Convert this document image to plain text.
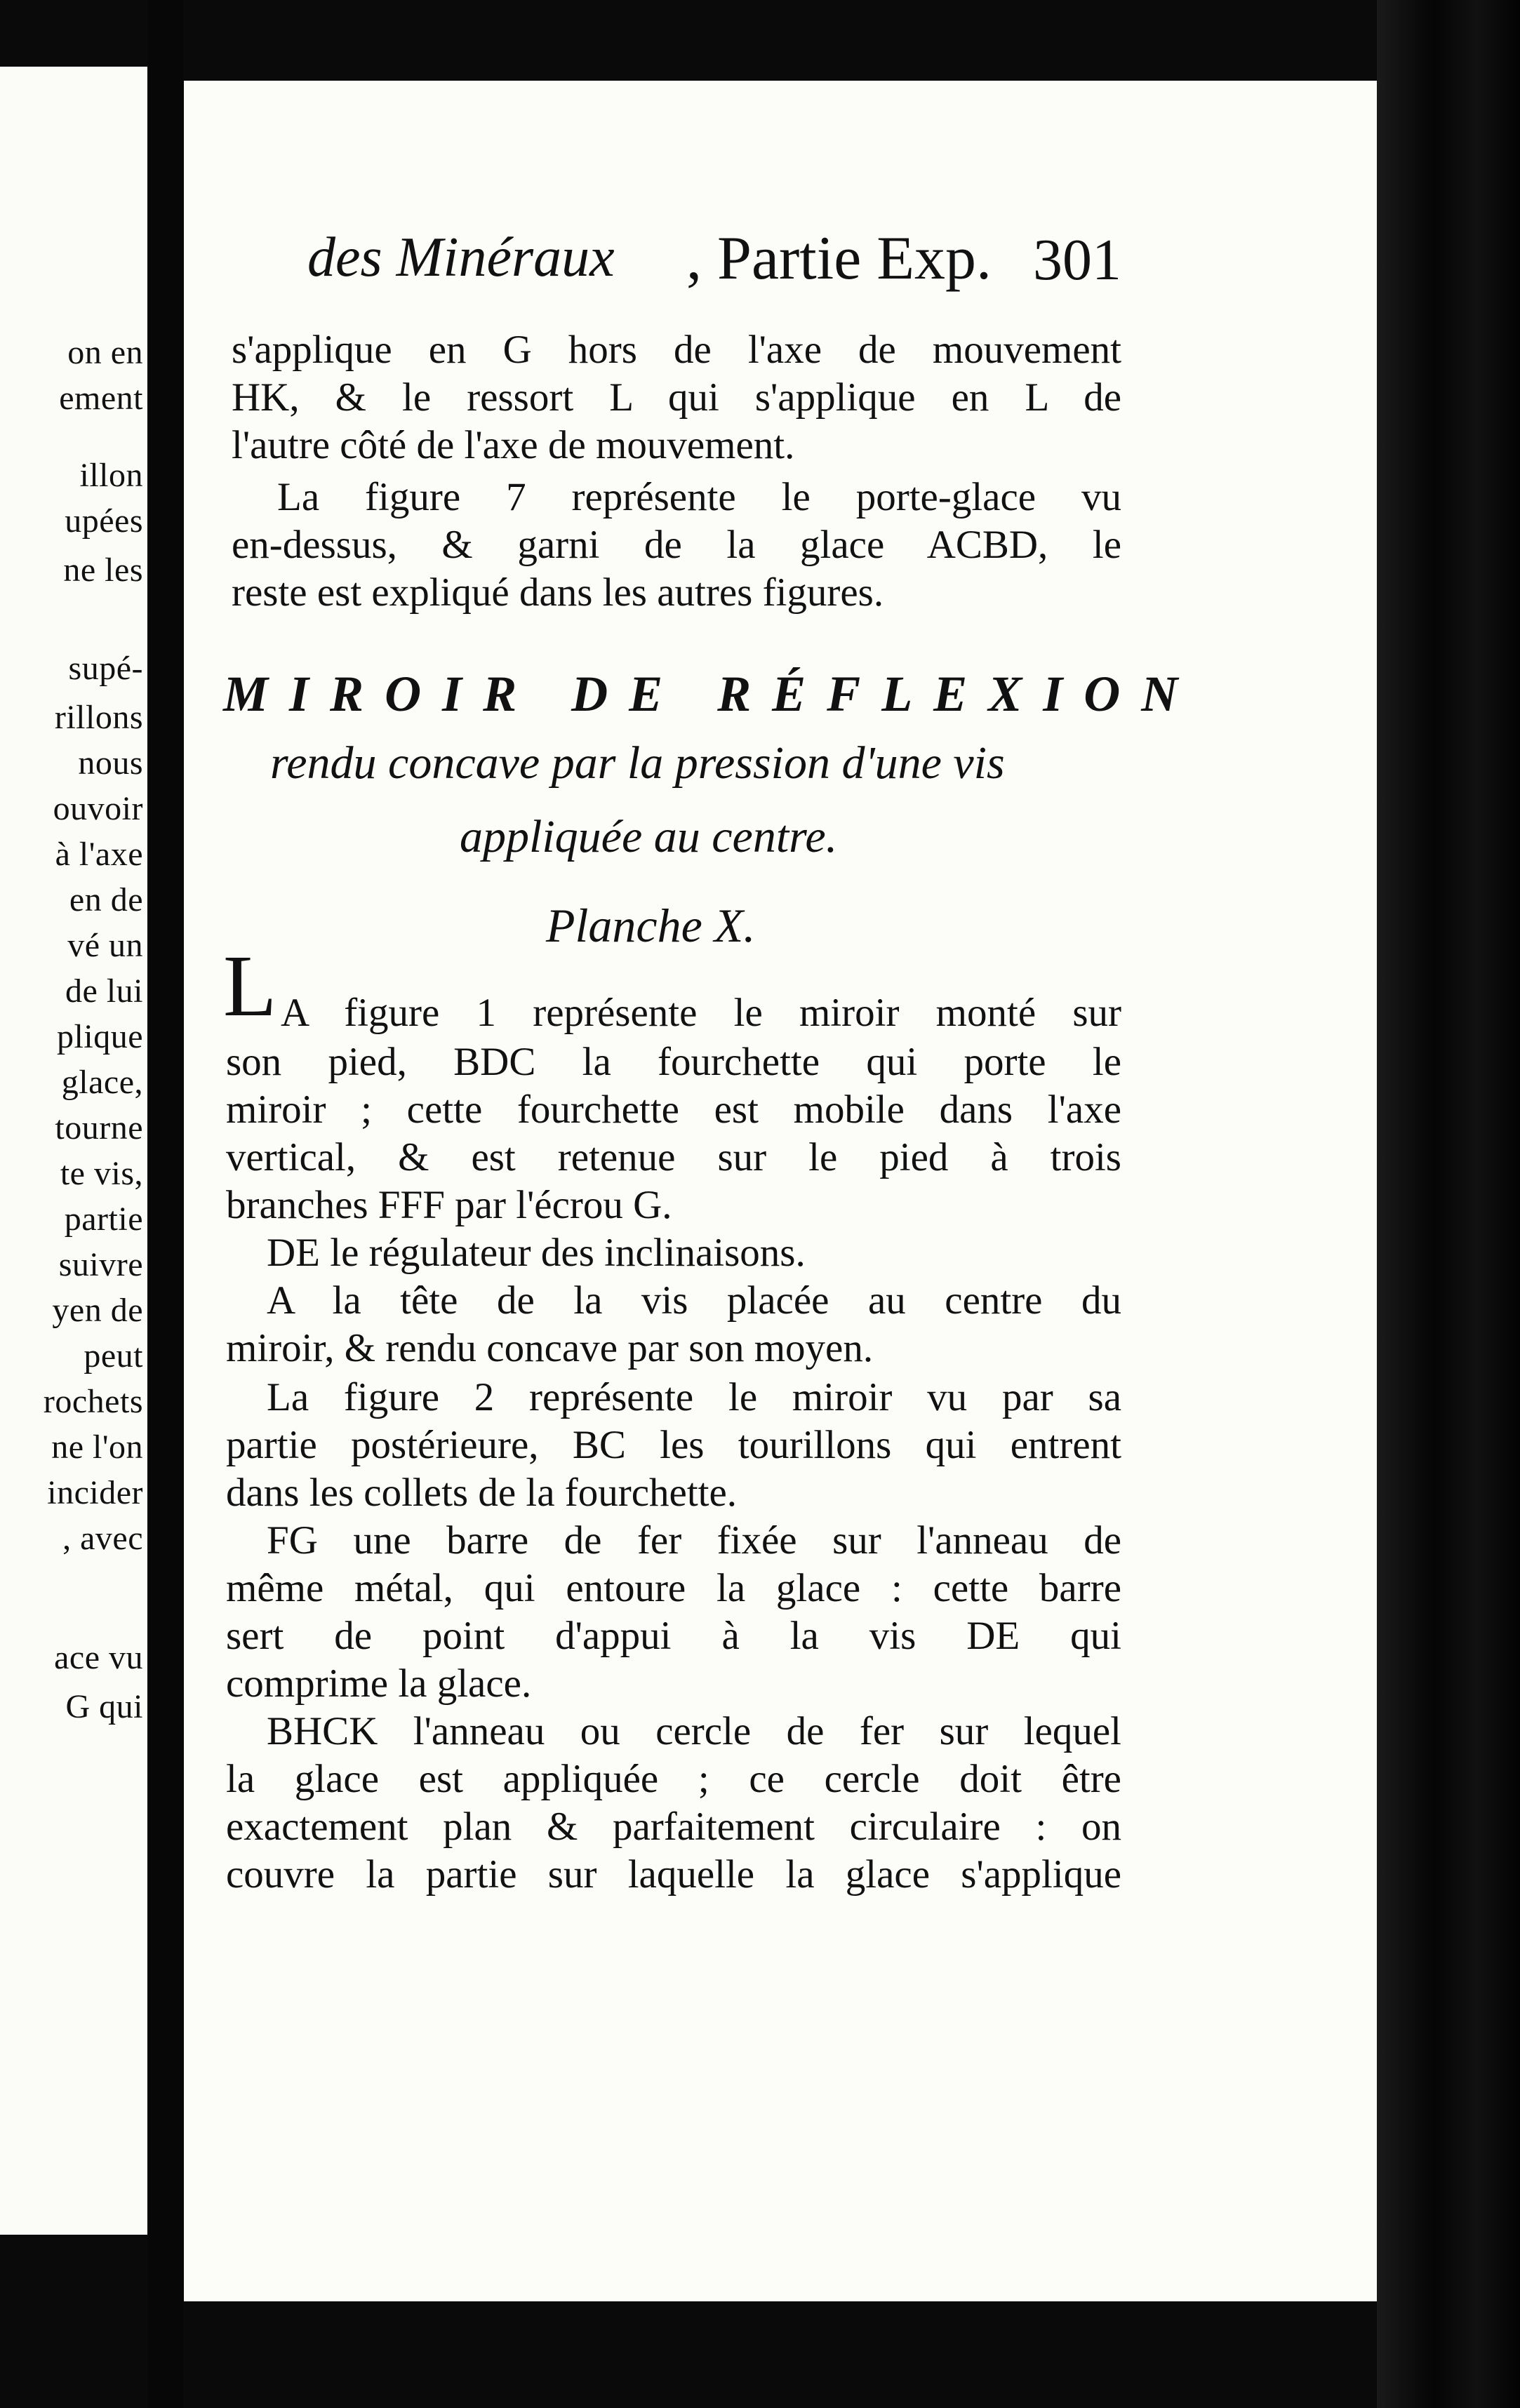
on en
ement
illon
upées
ne les
supé-
rillons
nous
ouvoir
à l'axe
en de
vé un
de lui
plique
glace,
tourne
te vis,
partie
suivre
yen de
peut
rochets
ne l'on
incider
, avec
ace vu
G qui
des Minéraux , Partie Exp. 301
s'applique en G hors de l'axe de mouvement
HK, & le ressort L qui s'applique en L de
l'autre côté de l'axe de mouvement.
La figure 7 représente le porte-glace vu
en-dessus, & garni de la glace ACBD, le
reste est expliqué dans les autres figures.
MIROIR DE RÉFLEXION
rendu concave par la pression d'une vis
appliquée au centre.
Planche X.
L A figure 1 représente le miroir monté sur
son pied, BDC la fourchette qui porte le
miroir ; cette fourchette est mobile dans l'axe
vertical, & est retenue sur le pied à trois
branches FFF par l'écrou G.
DE le régulateur des inclinaisons.
A la tête de la vis placée au centre du
miroir, & rendu concave par son moyen.
La figure 2 représente le miroir vu par sa
partie postérieure, BC les tourillons qui entrent
dans les collets de la fourchette.
FG une barre de fer fixée sur l'anneau de
même métal, qui entoure la glace : cette barre
sert de point d'appui à la vis DE qui
comprime la glace.
BHCK l'anneau ou cercle de fer sur lequel
la glace est appliquée ; ce cercle doit être
exactement plan & parfaitement circulaire : on
couvre la partie sur laquelle la glace s'applique
